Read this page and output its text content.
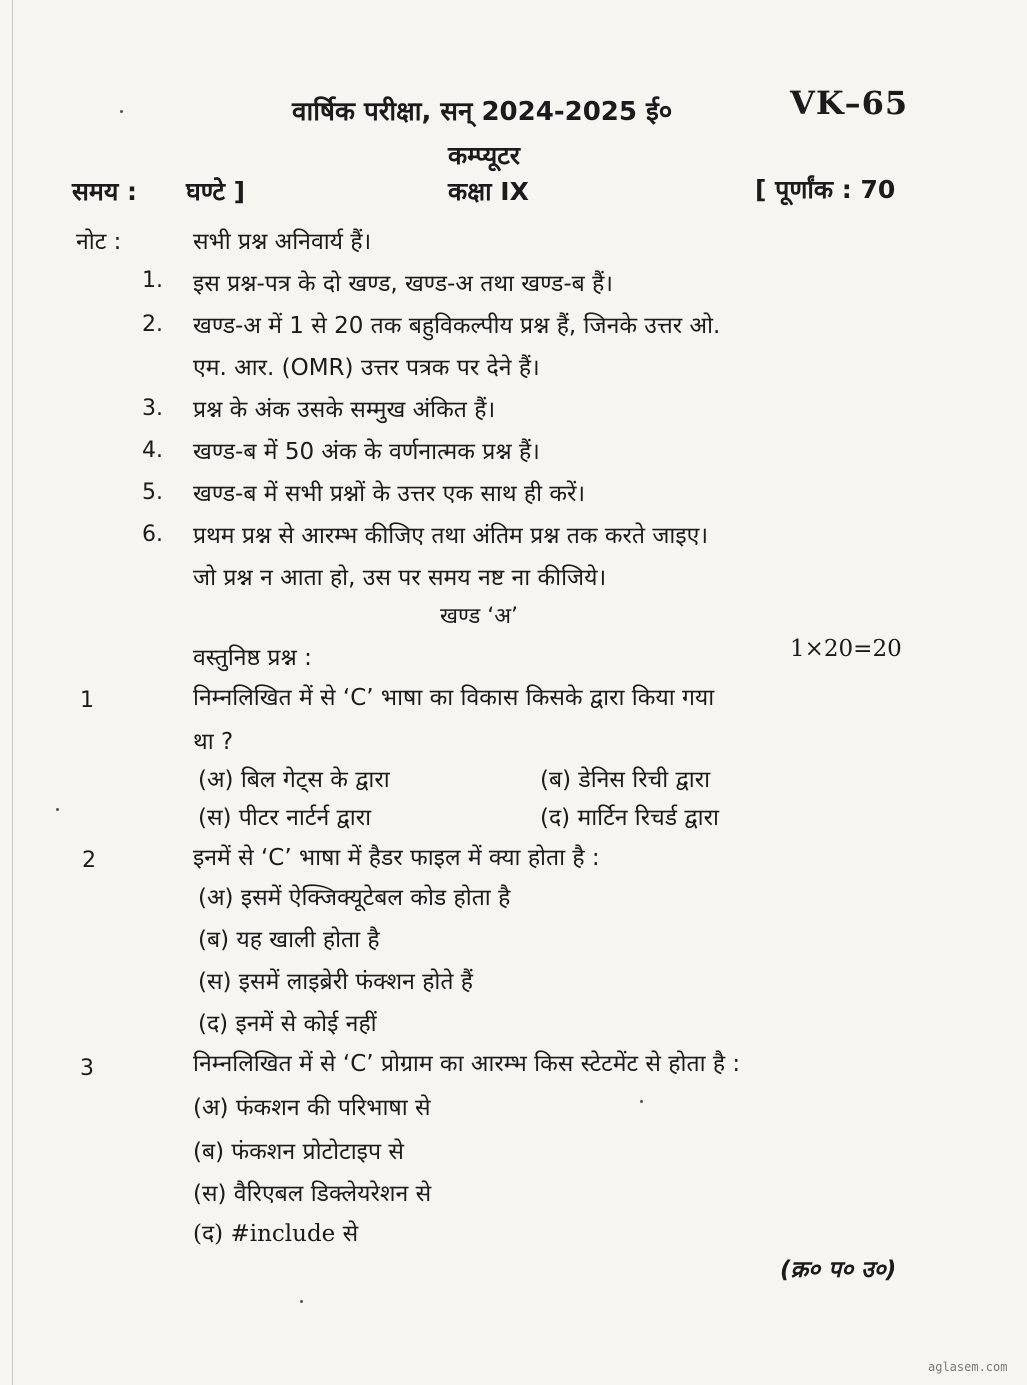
वार्षिक परीक्षा, सन् 2024-2025 ई०	VK–65
कम्प्यूटर
समय : घण्टे ]	कक्षा IX	[ पूर्णांक : 70
नोट :	सभी प्रश्न अनिवार्य हैं।
1. इस प्रश्न-पत्र के दो खण्ड, खण्ड-अ तथा खण्ड-ब हैं।
2. खण्ड-अ में 1 से 20 तक बहुविकल्पीय प्रश्न हैं, जिनके उत्तर ओ.
एम. आर. (OMR) उत्तर पत्रक पर देने हैं।
3. प्रश्न के अंक उसके सम्मुख अंकित हैं।
4. खण्ड-ब में 50 अंक के वर्णनात्मक प्रश्न हैं।
5. खण्ड-ब में सभी प्रश्नों के उत्तर एक साथ ही करें।
6. प्रथम प्रश्न से आरम्भ कीजिए तथा अंतिम प्रश्न तक करते जाइए।
जो प्रश्न न आता हो, उस पर समय नष्ट ना कीजिये।
खण्ड ‘अ’
वस्तुनिष्ठ प्रश्न :	1×20=20
1	निम्नलिखित में से ‘C’ भाषा का विकास किसके द्वारा किया गया
था ?
(अ) बिल गेट्स के द्वारा	(ब) डेनिस रिची द्वारा
(स) पीटर नार्टर्न द्वारा	(द) मार्टिन रिचर्ड द्वारा
2	इनमें से ‘C’ भाषा में हैडर फाइल में क्या होता है :
(अ) इसमें ऐक्जिक्यूटेबल कोड होता है
(ब) यह खाली होता है
(स) इसमें लाइब्रेरी फंक्शन होते हैं
(द) इनमें से कोई नहीं
3	निम्नलिखित में से ‘C’ प्रोग्राम का आरम्भ किस स्टेटमेंट से होता है :
(अ) फंकशन की परिभाषा से
(ब) फंकशन प्रोटोटाइप से
(स) वैरिएबल डिक्लेयरेशन से
(द) #include से
(क्र० प० उ०)
aglasem.com
